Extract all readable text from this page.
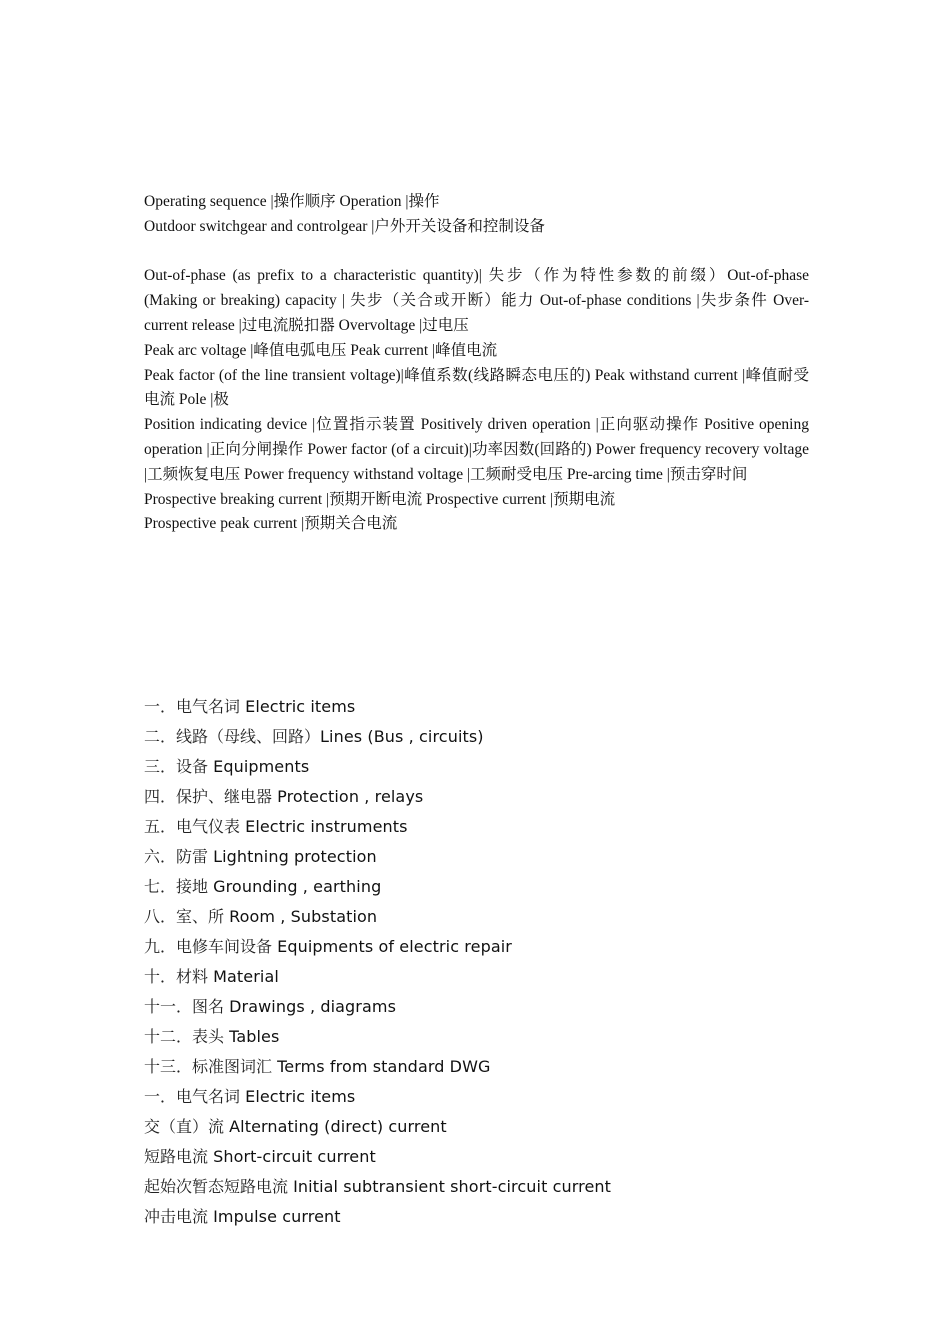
Operating sequence |操作顺序 Operation |操作

Outdoor switchgear and controlgear |户外开关设备和控制设备

Out-of-phase (as prefix to a characteristic quantity)| 失步（作为特性参数的前缀）Out-of-phase (Making or breaking) capacity | 失步（关合或开断）能力 Out-of-phase conditions |失步条件 Over-current release |过电流脱扣器 Overvoltage |过电压

Peak arc voltage |峰值电弧电压 Peak current |峰值电流

Peak factor (of the line transient voltage)|峰值系数(线路瞬态电压的) Peak withstand current |峰值耐受电流 Pole |极

Position indicating device |位置指示装置 Positively driven operation |正向驱动操作 Positive opening operation |正向分闸操作 Power factor (of a circuit)|功率因数(回路的) Power frequency recovery voltage |工频恢复电压 Power frequency withstand voltage |工频耐受电压 Pre-arcing time |预击穿时间

Prospective breaking current |预期开断电流 Prospective current |预期电流

Prospective peak current |预期关合电流

一．电气名词 Electric items
二．线路（母线、回路）Lines (Bus , circuits)
三．设备 Equipments
四．保护、继电器 Protection , relays
五．电气仪表 Electric instruments
六．防雷 Lightning protection
七．接地 Grounding , earthing
八．室、所 Room , Substation
九．电修车间设备 Equipments of electric repair
十．材料 Material
十一．图名 Drawings , diagrams
十二．表头 Tables
十三．标准图词汇 Terms from standard DWG
一．电气名词 Electric items
交（直）流 Alternating (direct) current
短路电流 Short-circuit current
起始次暂态短路电流 Initial subtransient short-circuit current
冲击电流 Impulse current
